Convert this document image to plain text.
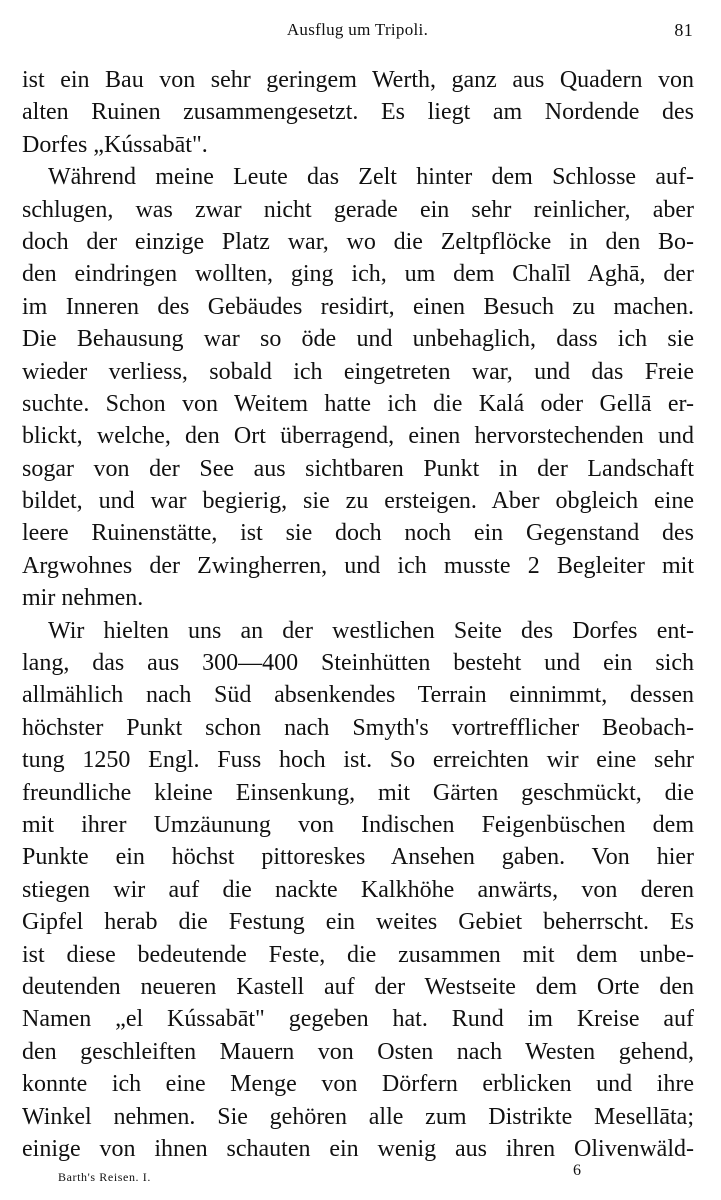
Ausflug um Tripoli.	81
ist ein Bau von sehr geringem Werth, ganz aus Quadern von
alten Ruinen zusammengesetzt. Es liegt am Nordende des
Dorfes „Kússabāt".
Während meine Leute das Zelt hinter dem Schlosse auf-
schlugen, was zwar nicht gerade ein sehr reinlicher, aber
doch der einzige Platz war, wo die Zeltpflöcke in den Bo-
den eindringen wollten, ging ich, um dem Chalīl Aghā, der
im Inneren des Gebäudes residirt, einen Besuch zu machen.
Die Behausung war so öde und unbehaglich, dass ich sie
wieder verliess, sobald ich eingetreten war, und das Freie
suchte. Schon von Weitem hatte ich die Kalá oder Gellā er-
blickt, welche, den Ort überragend, einen hervorstechenden und
sogar von der See aus sichtbaren Punkt in der Landschaft
bildet, und war begierig, sie zu ersteigen. Aber obgleich eine
leere Ruinenstätte, ist sie doch noch ein Gegenstand des
Argwohnes der Zwingherren, und ich musste 2 Begleiter mit
mir nehmen.
Wir hielten uns an der westlichen Seite des Dorfes ent-
lang, das aus 300—400 Steinhütten besteht und ein sich
allmählich nach Süd absenkendes Terrain einnimmt, dessen
höchster Punkt schon nach Smyth's vortrefflicher Beobach-
tung 1250 Engl. Fuss hoch ist. So erreichten wir eine sehr
freundliche kleine Einsenkung, mit Gärten geschmückt, die
mit ihrer Umzäunung von Indischen Feigenbüschen dem
Punkte ein höchst pittoreskes Ansehen gaben. Von hier
stiegen wir auf die nackte Kalkhöhe anwärts, von deren
Gipfel herab die Festung ein weites Gebiet beherrscht. Es
ist diese bedeutende Feste, die zusammen mit dem unbe-
deutenden neueren Kastell auf der Westseite dem Orte den
Namen „el Kússabāt" gegeben hat. Rund im Kreise auf
den geschleiften Mauern von Osten nach Westen gehend,
konnte ich eine Menge von Dörfern erblicken und ihre
Winkel nehmen. Sie gehören alle zum Distrikte Mesellāta;
einige von ihnen schauten ein wenig aus ihren Olivenwäld-
Barth's Reisen. I.	6
